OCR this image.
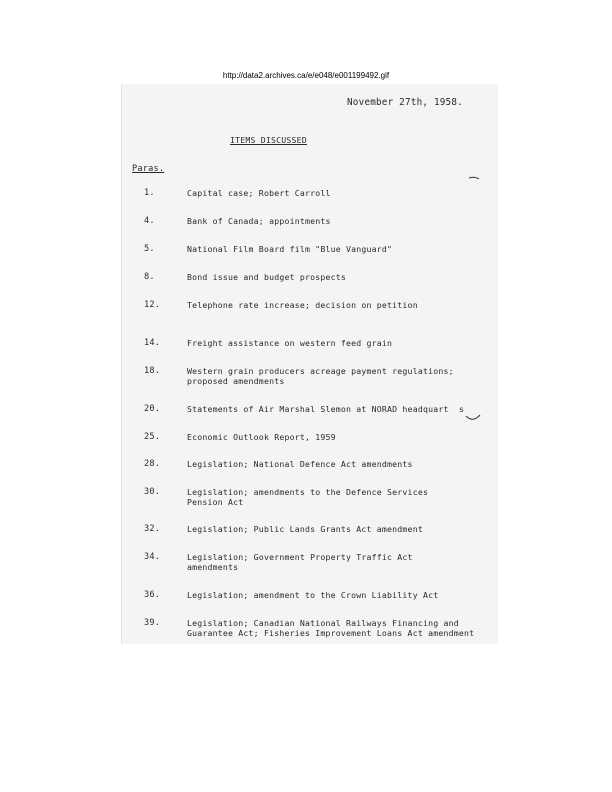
http://data2.archives.ca/e/e048/e001199492.gif
November 27th, 1958.
ITEMS DISCUSSED
Paras.
1.	Capital case; Robert Carroll
4.	Bank of Canada; appointments
5.	National Film Board film "Blue Vanguard"
8.	Bond issue and budget prospects
12.	Telephone rate increase; decision on petition
14.	Freight assistance on western feed grain
18.	Western grain producers acreage payment regulations;
proposed amendments
20.	Statements of Air Marshal Slemon at NORAD headquart  s
25.	Economic Outlook Report, 1959
28.	Legislation; National Defence Act amendments
30.	Legislation; amendments to the Defence Services
Pension Act
32.	Legislation; Public Lands Grants Act amendment
34.	Legislation; Government Property Traffic Act
amendments
36.	Legislation; amendment to the Crown Liability Act
39.	Legislation; Canadian National Railways Financing and
Guarantee Act; Fisheries Improvement Loans Act amendment
